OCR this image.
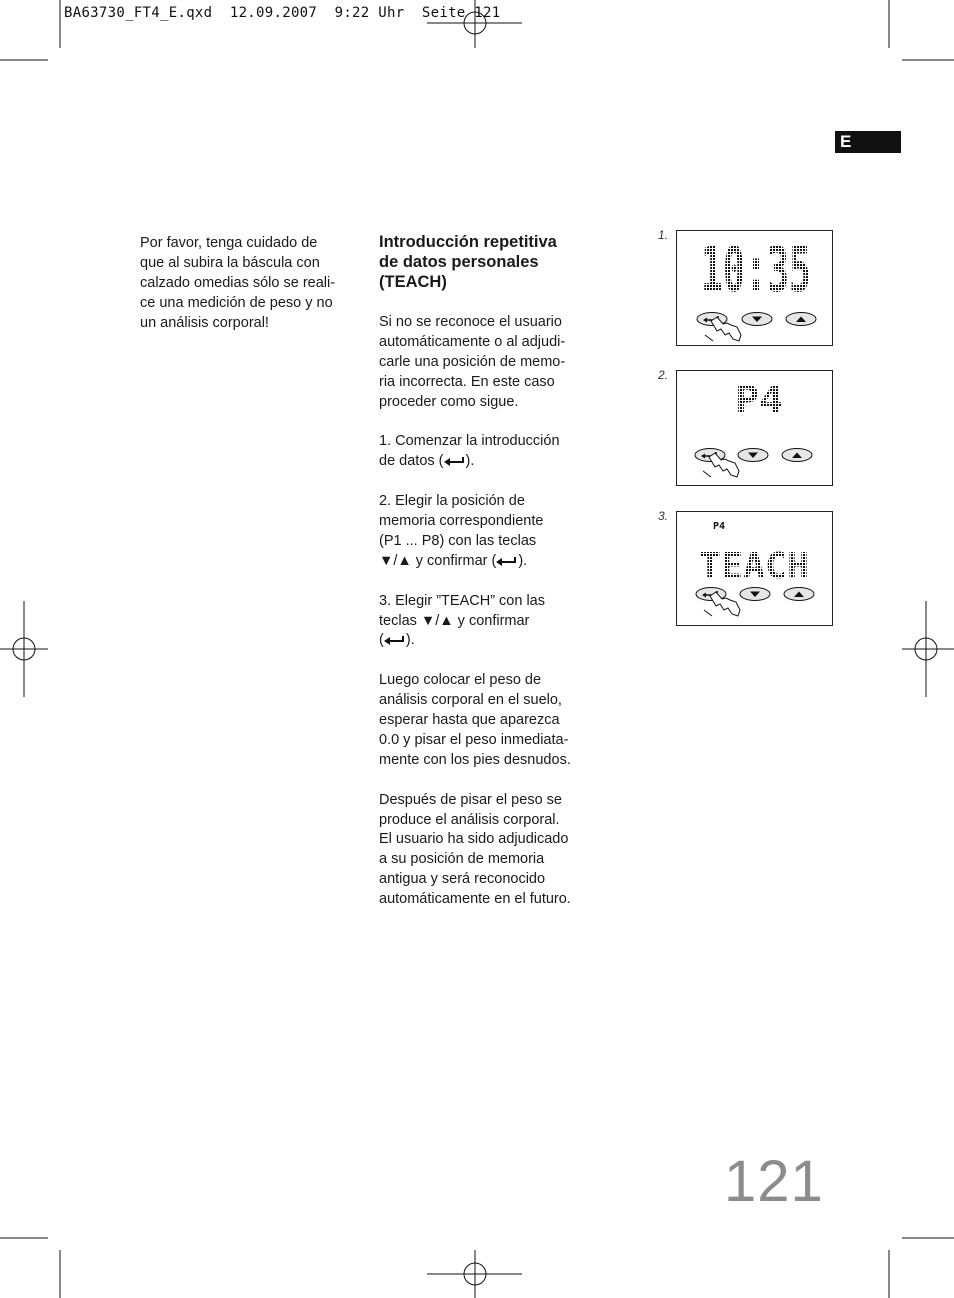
BA63730_FT4_E.qxd  12.09.2007  9:22 Uhr  Seite 121
E
Por favor, tenga cuidado de
que al subira la báscula con
calzado omedias sólo se reali-
ce una medición de peso y no
un análisis corporal!
Introducción repetitiva
de datos personales
(TEACH)
Si no se reconoce el usuario
automáticamente o al adjudi-
carle una posición de memo-
ria incorrecta. En este caso
proceder como sigue.
1. Comenzar la introducción
de datos ( ).
2. Elegir la posición de
memoria correspondiente
(P1 ... P8) con las teclas
▼/▲ y confirmar ( ).
3. Elegir ”TEACH” con las
teclas ▼/▲ y confirmar
( ).
Luego colocar el peso de
análisis corporal en el suelo,
esperar hasta que aparezca
0.0 y pisar el peso inmediata-
mente con los pies desnudos.
Después de pisar el peso se
produce el análisis corporal.
El usuario ha sido adjudicado
a su posición de memoria
antigua y será reconocido
automáticamente en el futuro.
1. 10:35
2.
P4
3.
P4
TEACH
121
